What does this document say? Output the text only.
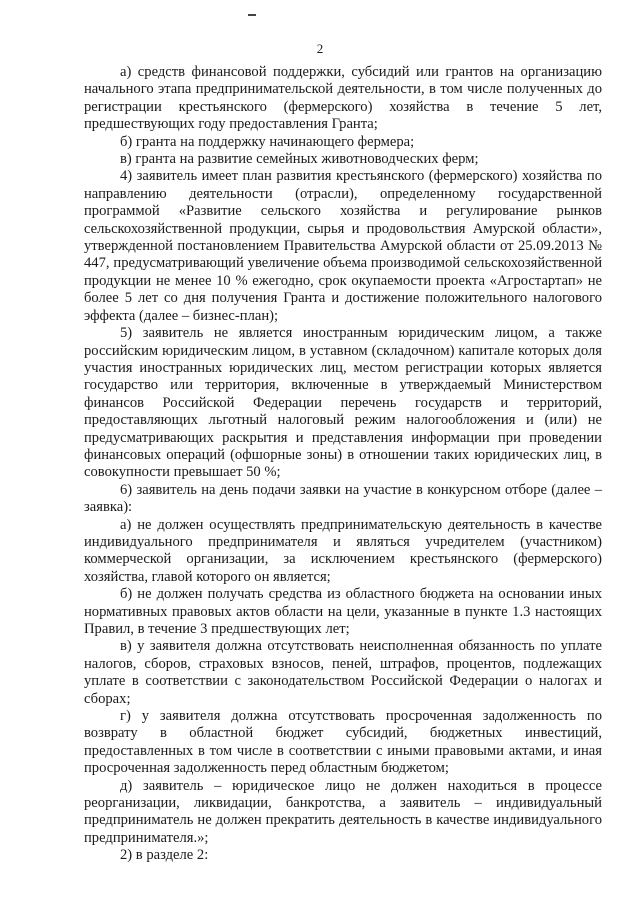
2

а) средств финансовой поддержки, субсидий или грантов на организацию начального этапа предпринимательской деятельности, в том числе полученных до регистрации крестьянского (фермерского) хозяйства в течение 5 лет, предшествующих году предоставления Гранта;

б) гранта на поддержку начинающего фермера;

в) гранта на развитие семейных животноводческих ферм;

4) заявитель имеет план развития крестьянского (фермерского) хозяйства по направлению деятельности (отрасли), определенному государственной программой «Развитие сельского хозяйства и регулирование рынков сельскохозяйственной продукции, сырья и продовольствия Амурской области», утвержденной постановлением Правительства Амурской области от 25.09.2013 № 447, предусматривающий увеличение объема производимой сельскохозяйственной продукции не менее 10 % ежегодно, срок окупаемости проекта «Агростартап» не более 5 лет со дня получения Гранта и достижение положительного налогового эффекта (далее – бизнес-план);

5) заявитель не является иностранным юридическим лицом, а также российским юридическим лицом, в уставном (складочном) капитале которых доля участия иностранных юридических лиц, местом регистрации которых является государство или территория, включенные в утверждаемый Министерством финансов Российской Федерации перечень государств и территорий, предоставляющих льготный налоговый режим налогообложения и (или) не предусматривающих раскрытия и представления информации при проведении финансовых операций (офшорные зоны) в отношении таких юридических лиц, в совокупности превышает 50 %;

6) заявитель на день подачи заявки на участие в конкурсном отборе (далее – заявка):

а) не должен осуществлять предпринимательскую деятельность в качестве индивидуального предпринимателя и являться учредителем (участником) коммерческой организации, за исключением крестьянского (фермерского) хозяйства, главой которого он является;

б) не должен получать средства из областного бюджета на основании иных нормативных правовых актов области на цели, указанные в пункте 1.3 настоящих Правил, в течение 3 предшествующих лет;

в) у заявителя должна отсутствовать неисполненная обязанность по уплате налогов, сборов, страховых взносов, пеней, штрафов, процентов, подлежащих уплате в соответствии с законодательством Российской Федерации о налогах и сборах;

г) у заявителя должна отсутствовать просроченная задолженность по возврату в областной бюджет субсидий, бюджетных инвестиций, предоставленных в том числе в соответствии с иными правовыми актами, и иная просроченная задолженность перед областным бюджетом;

д) заявитель – юридическое лицо не должен находиться в процессе реорганизации, ликвидации, банкротства, а заявитель – индивидуальный предприниматель не должен прекратить деятельность в качестве индивидуального предпринимателя.»;

2) в разделе 2:
